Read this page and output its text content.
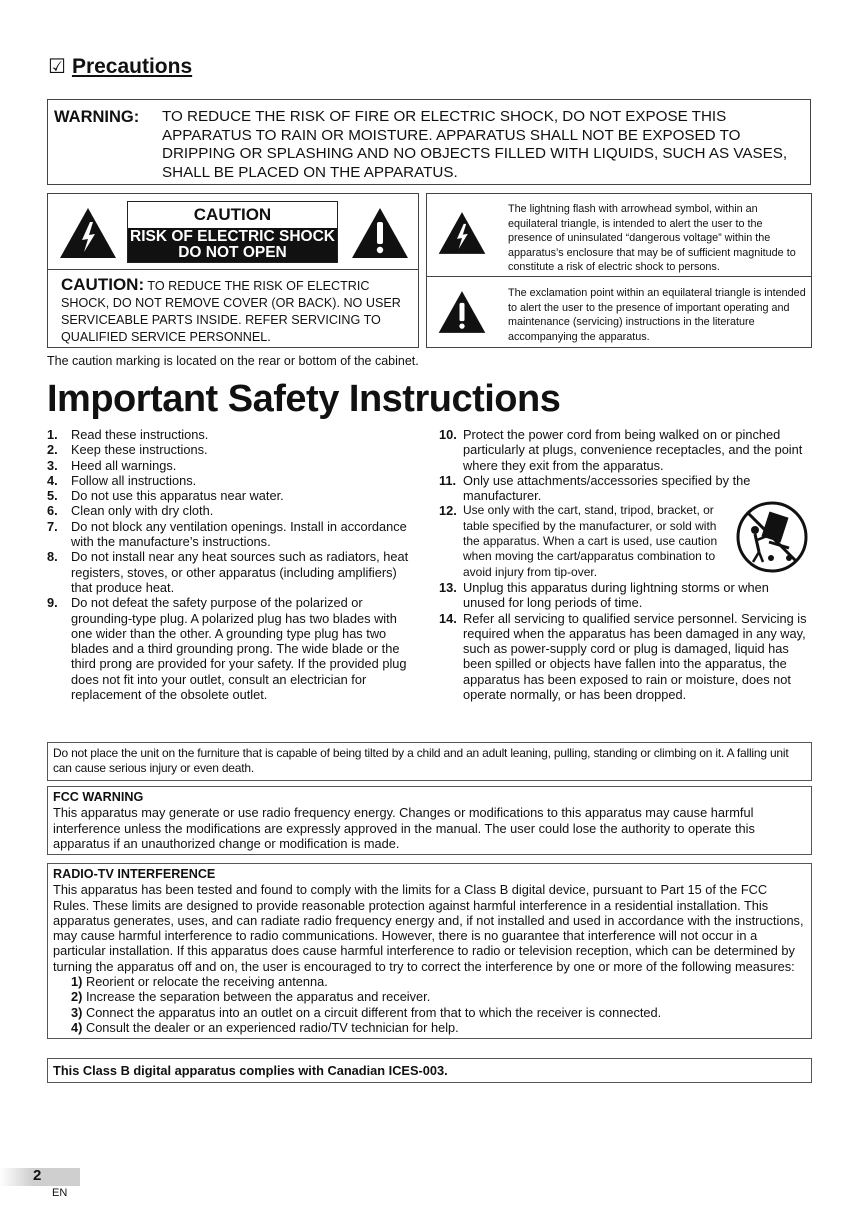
☑ Precautions
WARNING: TO REDUCE THE RISK OF FIRE OR ELECTRIC SHOCK, DO NOT EXPOSE THIS APPARATUS TO RAIN OR MOISTURE. APPARATUS SHALL NOT BE EXPOSED TO DRIPPING OR SPLASHING AND NO OBJECTS FILLED WITH LIQUIDS, SUCH AS VASES, SHALL BE PLACED ON THE APPARATUS.
CAUTION
RISK OF ELECTRIC SHOCK
DO NOT OPEN
CAUTION: TO REDUCE THE RISK OF ELECTRIC SHOCK, DO NOT REMOVE COVER (OR BACK). NO USER SERVICEABLE PARTS INSIDE. REFER SERVICING TO QUALIFIED SERVICE PERSONNEL.
The lightning flash with arrowhead symbol, within an equilateral triangle, is intended to alert the user to the presence of uninsulated “dangerous voltage” within the apparatus’s enclosure that may be of sufficient magnitude to constitute a risk of electric shock to persons.
The exclamation point within an equilateral triangle is intended to alert the user to the presence of important operating and maintenance (servicing) instructions in the literature accompanying the apparatus.
The caution marking is located on the rear or bottom of the cabinet.
Important Safety Instructions
1. Read these instructions.
2. Keep these instructions.
3. Heed all warnings.
4. Follow all instructions.
5. Do not use this apparatus near water.
6. Clean only with dry cloth.
7. Do not block any ventilation openings. Install in accordance with the manufacture’s instructions.
8. Do not install near any heat sources such as radiators, heat registers, stoves, or other apparatus (including amplifiers) that produce heat.
9. Do not defeat the safety purpose of the polarized or grounding-type plug. A polarized plug has two blades with one wider than the other. A grounding type plug has two blades and a third grounding prong. The wide blade or the third prong are provided for your safety. If the provided plug does not fit into your outlet, consult an electrician for replacement of the obsolete outlet.
10. Protect the power cord from being walked on or pinched particularly at plugs, convenience receptacles, and the point where they exit from the apparatus.
11. Only use attachments/accessories specified by the manufacturer.
12. Use only with the cart, stand, tripod, bracket, or table specified by the manufacturer, or sold with the apparatus. When a cart is used, use caution when moving the cart/apparatus combination to avoid injury from tip-over.
13. Unplug this apparatus during lightning storms or when unused for long periods of time.
14. Refer all servicing to qualified service personnel. Servicing is required when the apparatus has been damaged in any way, such as power-supply cord or plug is damaged, liquid has been spilled or objects have fallen into the apparatus, the apparatus has been exposed to rain or moisture, does not operate normally, or has been dropped.
Do not place the unit on the furniture that is capable of being tilted by a child and an adult leaning, pulling, standing or climbing on it. A falling unit can cause serious injury or even death.
FCC WARNING
This apparatus may generate or use radio frequency energy. Changes or modifications to this apparatus may cause harmful interference unless the modifications are expressly approved in the manual. The user could lose the authority to operate this apparatus if an unauthorized change or modification is made.
RADIO-TV INTERFERENCE
This apparatus has been tested and found to comply with the limits for a Class B digital device, pursuant to Part 15 of the FCC Rules. These limits are designed to provide reasonable protection against harmful interference in a residential installation. This apparatus generates, uses, and can radiate radio frequency energy and, if not installed and used in accordance with the instructions, may cause harmful interference to radio communications. However, there is no guarantee that interference will not occur in a particular installation. If this apparatus does cause harmful interference to radio or television reception, which can be determined by turning the apparatus off and on, the user is encouraged to try to correct the interference by one or more of the following measures:
1) Reorient or relocate the receiving antenna.
2) Increase the separation between the apparatus and receiver.
3) Connect the apparatus into an outlet on a circuit different from that to which the receiver is connected.
4) Consult the dealer or an experienced radio/TV technician for help.
This Class B digital apparatus complies with Canadian ICES-003.
2
EN
